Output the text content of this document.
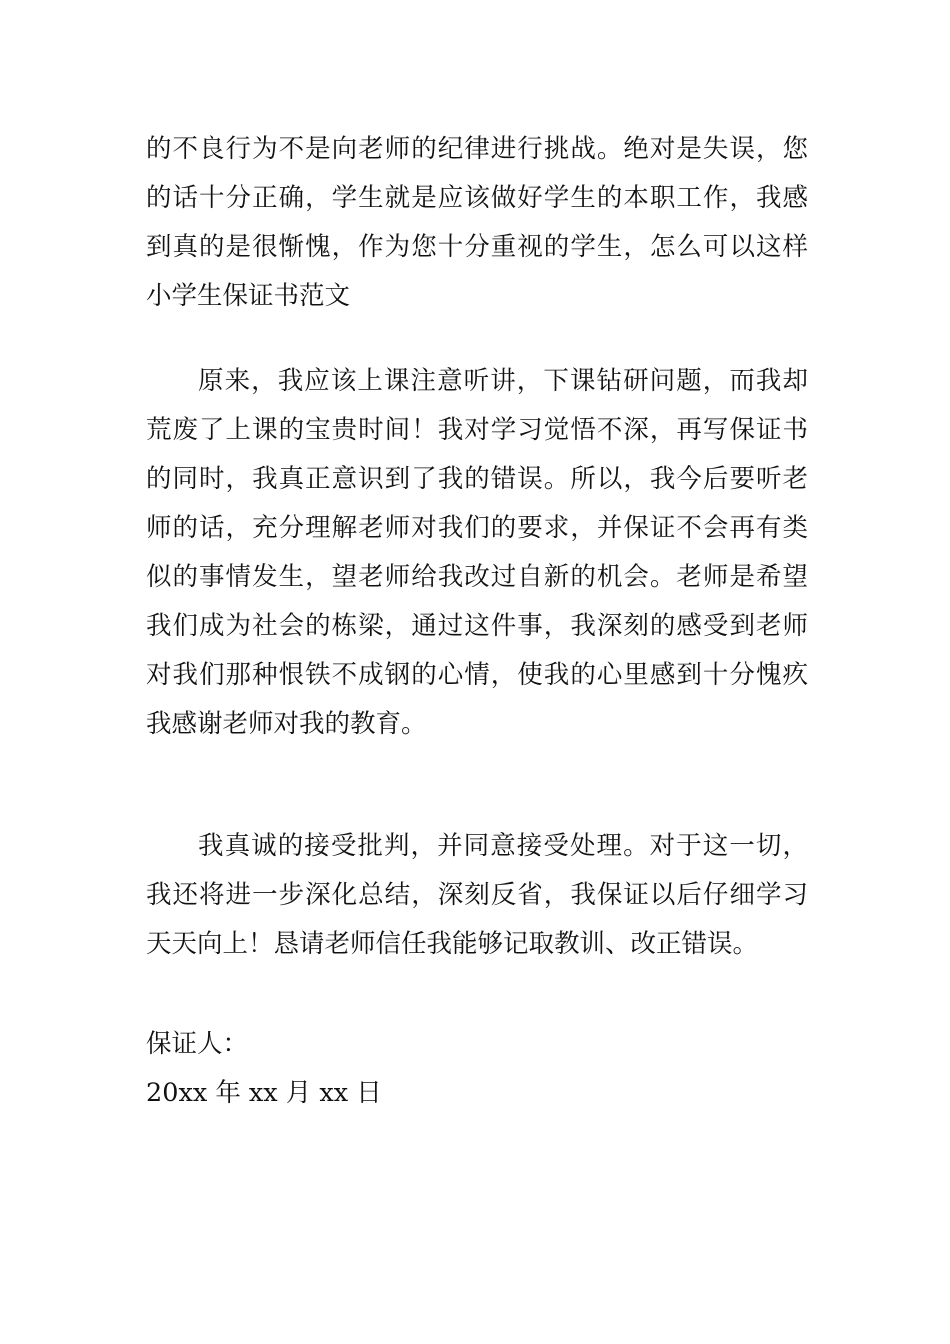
的不良行为不是向老师的纪律进行挑战。绝对是失误，您
的话十分正确，学生就是应该做好学生的本职工作，我感
到真的是很惭愧，作为您十分重视的学生，怎么可以这样
小学生保证书范文
原来，我应该上课注意听讲，下课钻研问题，而我却
荒废了上课的宝贵时间！我对学习觉悟不深，再写保证书
的同时，我真正意识到了我的错误。所以，我今后要听老
师的话，充分理解老师对我们的要求，并保证不会再有类
似的事情发生，望老师给我改过自新的机会。老师是希望
我们成为社会的栋梁，通过这件事，我深刻的感受到老师
对我们那种恨铁不成钢的心情，使我的心里感到十分愧疚
我感谢老师对我的教育。
我真诚的接受批判，并同意接受处理。对于这一切，
我还将进一步深化总结，深刻反省，我保证以后仔细学习
天天向上！恳请老师信任我能够记取教训、改正错误。
保证人：
20xx 年 xx 月 xx 日
